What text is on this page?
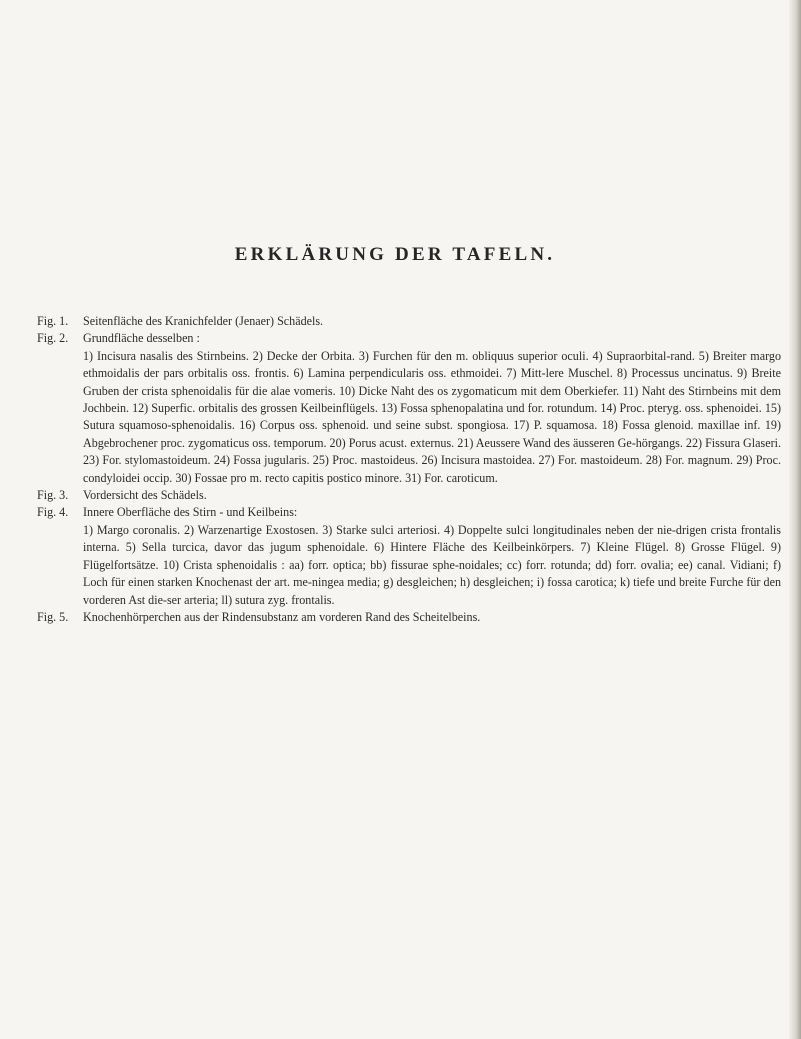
ERKLÄRUNG DER TAFELN.
Fig. 1.	Seitenfläche des Kranichfelder (Jenaer) Schädels.
Fig. 2.	Grundfläche desselben :
1) Incisura nasalis des Stirnbeins. 2) Decke der Orbita. 3) Furchen für den m. obliquus superior oculi. 4) Supraorbital-rand. 5) Breiter margo ethmoidalis der pars orbitalis oss. frontis. 6) Lamina perpendicularis oss. ethmoidei. 7) Mitt-lere Muschel. 8) Processus uncinatus. 9) Breite Gruben der crista sphenoidalis für die alae vomeris. 10) Dicke Naht des os zygomaticum mit dem Oberkiefer. 11) Naht des Stirnbeins mit dem Jochbein. 12) Superfic. orbitalis des grossen Keilbeinflügels. 13) Fossa sphenopalatina und for. rotundum. 14) Proc. pteryg. oss. sphenoidei. 15) Sutura squamoso-sphenoidalis. 16) Corpus oss. sphenoid. und seine subst. spongiosa. 17) P. squamosa. 18) Fossa glenoid. maxillae inf. 19) Abgebrochener proc. zygomaticus oss. temporum. 20) Porus acust. externus. 21) Aeussere Wand des äusseren Ge-hörgangs. 22) Fissura Glaseri. 23) For. stylomastoideum. 24) Fossa jugularis. 25) Proc. mastoideus. 26) Incisura mastoidea. 27) For. mastoideum. 28) For. magnum. 29) Proc. condyloidei occip. 30) Fossae pro m. recto capitis postico minore. 31) For. caroticum.
Fig. 3.	Vordersicht des Schädels.
Fig. 4.	Innere Oberfläche des Stirn - und Keilbeins:
1) Margo coronalis. 2) Warzenartige Exostosen. 3) Starke sulci arteriosi. 4) Doppelte sulci longitudinales neben der nie-drigen crista frontalis interna. 5) Sella turcica, davor das jugum sphenoidale. 6) Hintere Fläche des Keilbeinkörpers. 7) Kleine Flügel. 8) Grosse Flügel. 9) Flügelfortsätze. 10) Crista sphenoidalis : aa) forr. optica; bb) fissurae sphe-noidales; cc) forr. rotunda; dd) forr. ovalia; ee) canal. Vidiani; f) Loch für einen starken Knochenast der art. me-ningea media; g) desgleichen; h) desgleichen; i) fossa carotica; k) tiefe und breite Furche für den vorderen Ast die-ser arteria; ll) sutura zyg. frontalis.
Fig. 5.	Knochenhörperchen aus der Rindensubstanz am vorderen Rand des Scheitelbeins.
